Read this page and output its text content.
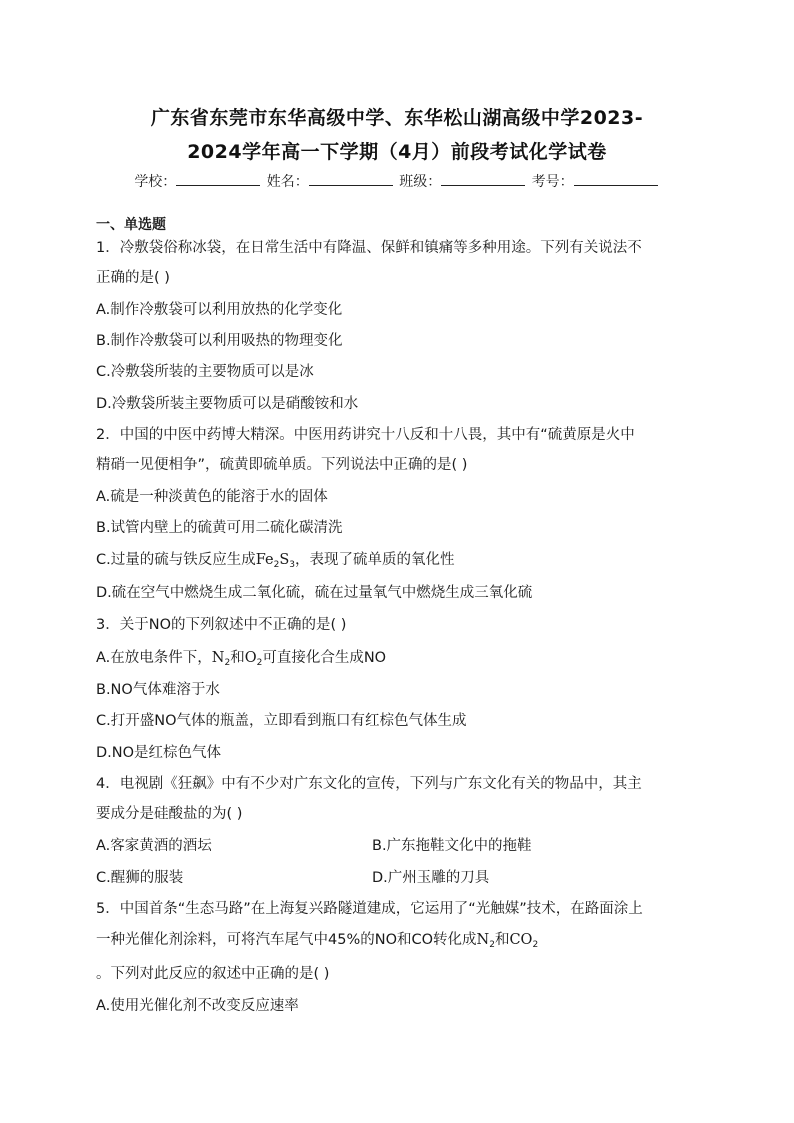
广东省东莞市东华高级中学、东华松山湖高级中学2023-
2024学年高一下学期（4月）前段考试化学试卷
学校：	姓名：	班级：	考号：
一、单选题
1．冷敷袋俗称冰袋，在日常生活中有降温、保鲜和镇痛等多种用途。下列有关说法不
正确的是( )
A.制作冷敷袋可以利用放热的化学变化
B.制作冷敷袋可以利用吸热的物理变化
C.冷敷袋所装的主要物质可以是冰
D.冷敷袋所装主要物质可以是硝酸铵和水
2．中国的中医中药博大精深。中医用药讲究十八反和十八畏，其中有“硫黄原是火中
精硝一见便相争”，硫黄即硫单质。下列说法中正确的是( )
A.硫是一种淡黄色的能溶于水的固体
B.试管内壁上的硫黄可用二硫化碳清洗
C.过量的硫与铁反应生成$Fe_2S_3$，表现了硫单质的氧化性
D.硫在空气中燃烧生成二氧化硫，硫在过量氧气中燃烧生成三氧化硫
3．关于NO的下列叙述中不正确的是( )
A.在放电条件下，$N_2$和$O_2$可直接化合生成NO
B.NO气体难溶于水
C.打开盛NO气体的瓶盖，立即看到瓶口有红棕色气体生成
D.NO是红棕色气体
4．电视剧《狂飙》中有不少对广东文化的宣传，下列与广东文化有关的物品中，其主
要成分是硅酸盐的为( )
A.客家黄酒的酒坛	B.广东拖鞋文化中的拖鞋
C.醒狮的服装	D.广州玉雕的刀具
5．中国首条“生态马路”在上海复兴路隧道建成，它运用了“光触媒”技术，在路面涂上
一种光催化剂涂料，可将汽车尾气中45%的NO和CO转化成$N_2$和$CO_2$
。下列对此反应的叙述中正确的是( )
A.使用光催化剂不改变反应速率
